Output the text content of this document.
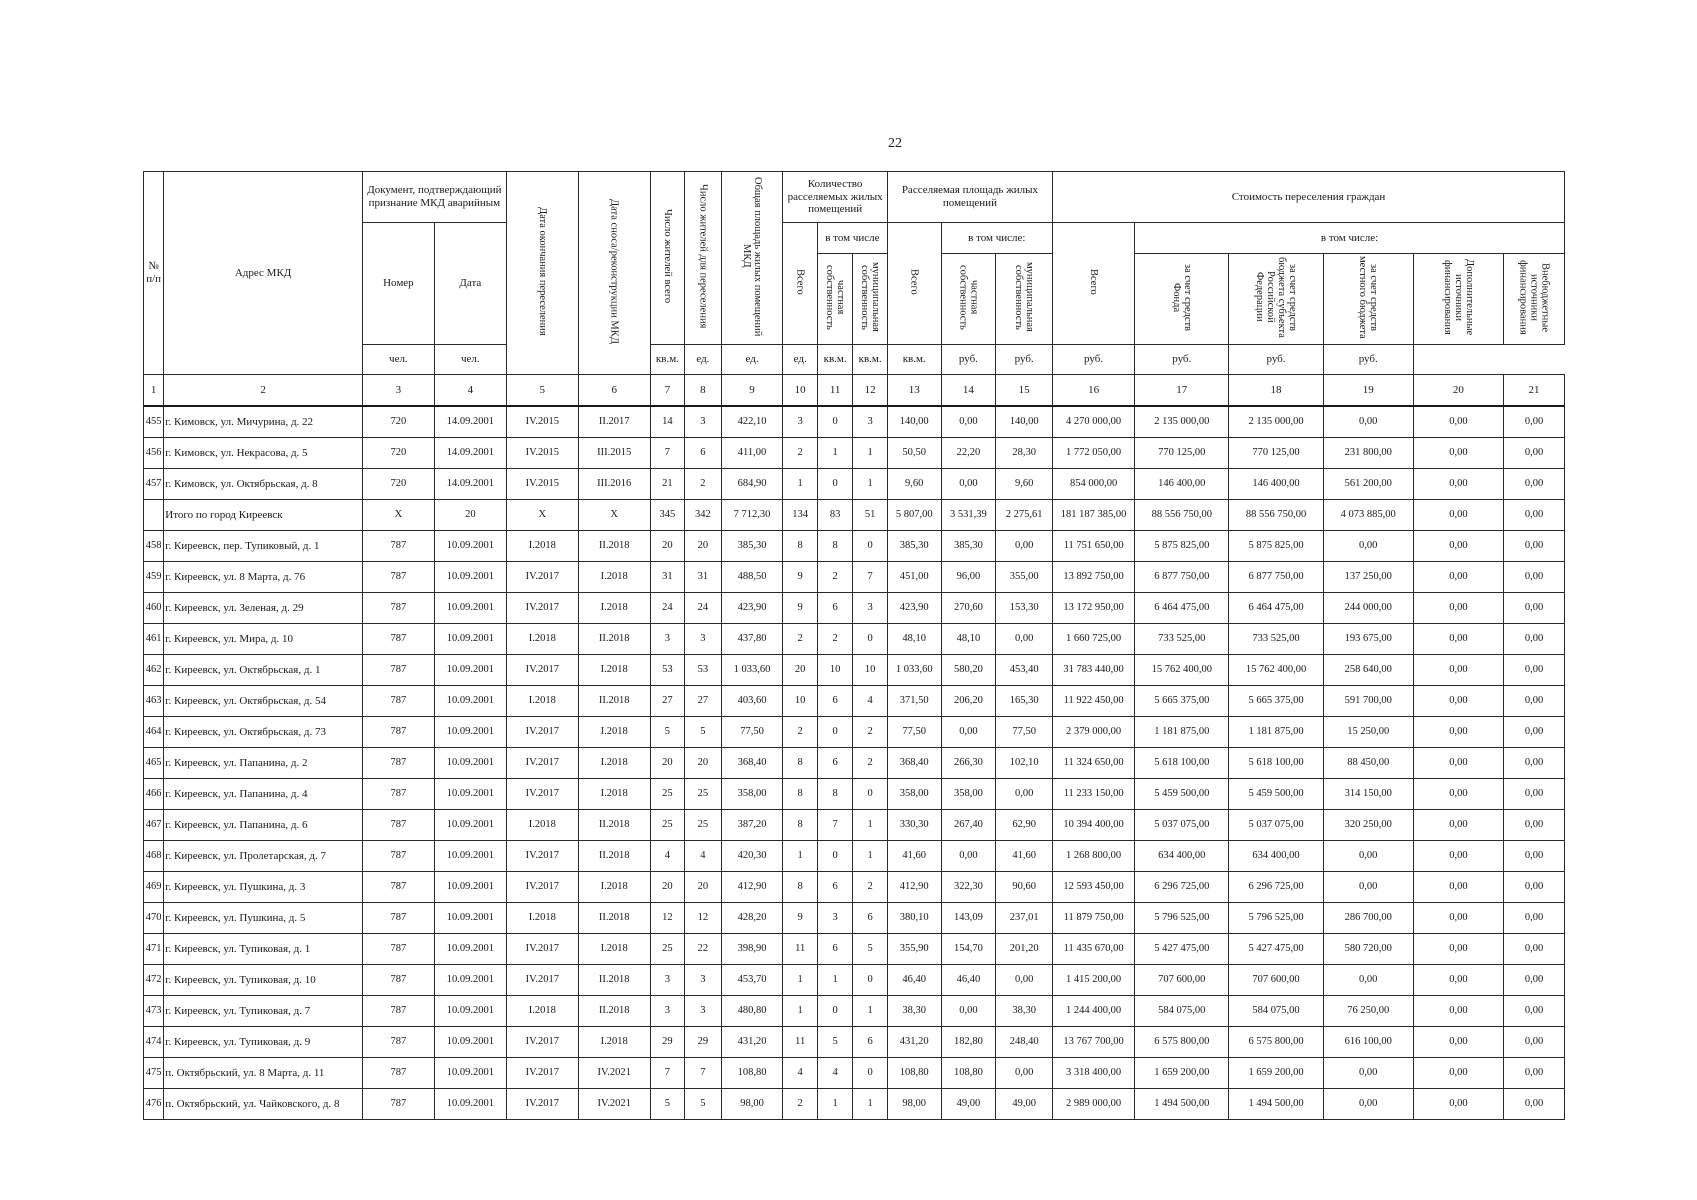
22
№ п/п	Адрес МКД	Документ, подтверждающий признание МКД аварийным		Дата окончания переселения	Дата сноса/реконструкции МКД	Число жителей всего	Число жителей для переселения	Общая площадь жилых помещений МКД	Количество расселяемых жилых помещений			Расселяемая площадь жилых помещений			Стоимость переселения граждан					
		Номер	Дата						Всего	в том числе		Всего	в том числе:		Всего	в том числе:				
										частная собственность	муниципальная собственность		частная собственность	муниципальная собственность		за счет средств Фонда	за счет средств бюджета субъекта Российской Федерации	за счет средств местного бюджета	Дополнительные источники финансирования	Внебюджетные источники финансирования
		чел.	чел.			кв.м.	ед.	ед.	ед.	кв.м.	кв.м.	кв.м.	руб.	руб.	руб.	руб.	руб.	руб.		
1	2	3	4	5	6	7	8	9	10	11	12	13	14	15	16	17	18	19	20	21
455	г. Кимовск, ул. Мичурина, д. 22	720	14.09.2001	IV.2015	II.2017	14	3	422,10	3	0	3	140,00	0,00	140,00	4 270 000,00	2 135 000,00	2 135 000,00	0,00	0,00	0,00
456	г. Кимовск, ул. Некрасова, д. 5	720	14.09.2001	IV.2015	III.2015	7	6	411,00	2	1	1	50,50	22,20	28,30	1 772 050,00	770 125,00	770 125,00	231 800,00	0,00	0,00
457	г. Кимовск, ул. Октябрьская, д. 8	720	14.09.2001	IV.2015	III.2016	21	2	684,90	1	0	1	9,60	0,00	9,60	854 000,00	146 400,00	146 400,00	561 200,00	0,00	0,00
	Итого по город Киреевск	X	20	X	X	345	342	7 712,30	134	83	51	5 807,00	3 531,39	2 275,61	181 187 385,00	88 556 750,00	88 556 750,00	4 073 885,00	0,00	0,00
458	г. Киреевск, пер. Тупиковый, д. 1	787	10.09.2001	I.2018	II.2018	20	20	385,30	8	8	0	385,30	385,30	0,00	11 751 650,00	5 875 825,00	5 875 825,00	0,00	0,00	0,00
459	г. Киреевск, ул. 8 Марта, д. 76	787	10.09.2001	IV.2017	I.2018	31	31	488,50	9	2	7	451,00	96,00	355,00	13 892 750,00	6 877 750,00	6 877 750,00	137 250,00	0,00	0,00
460	г. Киреевск, ул. Зеленая, д. 29	787	10.09.2001	IV.2017	I.2018	24	24	423,90	9	6	3	423,90	270,60	153,30	13 172 950,00	6 464 475,00	6 464 475,00	244 000,00	0,00	0,00
461	г. Киреевск, ул. Мира, д. 10	787	10.09.2001	I.2018	II.2018	3	3	437,80	2	2	0	48,10	48,10	0,00	1 660 725,00	733 525,00	733 525,00	193 675,00	0,00	0,00
462	г. Киреевск, ул. Октябрьская, д. 1	787	10.09.2001	IV.2017	I.2018	53	53	1 033,60	20	10	10	1 033,60	580,20	453,40	31 783 440,00	15 762 400,00	15 762 400,00	258 640,00	0,00	0,00
463	г. Киреевск, ул. Октябрьская, д. 54	787	10.09.2001	I.2018	II.2018	27	27	403,60	10	6	4	371,50	206,20	165,30	11 922 450,00	5 665 375,00	5 665 375,00	591 700,00	0,00	0,00
464	г. Киреевск, ул. Октябрьская, д. 73	787	10.09.2001	IV.2017	I.2018	5	5	77,50	2	0	2	77,50	0,00	77,50	2 379 000,00	1 181 875,00	1 181 875,00	15 250,00	0,00	0,00
465	г. Киреевск, ул. Папанина, д. 2	787	10.09.2001	IV.2017	I.2018	20	20	368,40	8	6	2	368,40	266,30	102,10	11 324 650,00	5 618 100,00	5 618 100,00	88 450,00	0,00	0,00
466	г. Киреевск, ул. Папанина, д. 4	787	10.09.2001	IV.2017	I.2018	25	25	358,00	8	8	0	358,00	358,00	0,00	11 233 150,00	5 459 500,00	5 459 500,00	314 150,00	0,00	0,00
467	г. Киреевск, ул. Папанина, д. 6	787	10.09.2001	I.2018	II.2018	25	25	387,20	8	7	1	330,30	267,40	62,90	10 394 400,00	5 037 075,00	5 037 075,00	320 250,00	0,00	0,00
468	г. Киреевск, ул. Пролетарская, д. 7	787	10.09.2001	IV.2017	II.2018	4	4	420,30	1	0	1	41,60	0,00	41,60	1 268 800,00	634 400,00	634 400,00	0,00	0,00	0,00
469	г. Киреевск, ул. Пушкина, д. 3	787	10.09.2001	IV.2017	I.2018	20	20	412,90	8	6	2	412,90	322,30	90,60	12 593 450,00	6 296 725,00	6 296 725,00	0,00	0,00	0,00
470	г. Киреевск, ул. Пушкина, д. 5	787	10.09.2001	I.2018	II.2018	12	12	428,20	9	3	6	380,10	143,09	237,01	11 879 750,00	5 796 525,00	5 796 525,00	286 700,00	0,00	0,00
471	г. Киреевск, ул. Тупиковая, д. 1	787	10.09.2001	IV.2017	I.2018	25	22	398,90	11	6	5	355,90	154,70	201,20	11 435 670,00	5 427 475,00	5 427 475,00	580 720,00	0,00	0,00
472	г. Киреевск, ул. Тупиковая, д. 10	787	10.09.2001	IV.2017	II.2018	3	3	453,70	1	1	0	46,40	46,40	0,00	1 415 200,00	707 600,00	707 600,00	0,00	0,00	0,00
473	г. Киреевск, ул. Тупиковая, д. 7	787	10.09.2001	I.2018	II.2018	3	3	480,80	1	0	1	38,30	0,00	38,30	1 244 400,00	584 075,00	584 075,00	76 250,00	0,00	0,00
474	г. Киреевск, ул. Тупиковая, д. 9	787	10.09.2001	IV.2017	I.2018	29	29	431,20	11	5	6	431,20	182,80	248,40	13 767 700,00	6 575 800,00	6 575 800,00	616 100,00	0,00	0,00
475	п. Октябрьский, ул. 8 Марта, д. 11	787	10.09.2001	IV.2017	IV.2021	7	7	108,80	4	4	0	108,80	108,80	0,00	3 318 400,00	1 659 200,00	1 659 200,00	0,00	0,00	0,00
476	п. Октябрьский, ул. Чайковского, д. 8	787	10.09.2001	IV.2017	IV.2021	5	5	98,00	2	1	1	98,00	49,00	49,00	2 989 000,00	1 494 500,00	1 494 500,00	0,00	0,00	0,00
